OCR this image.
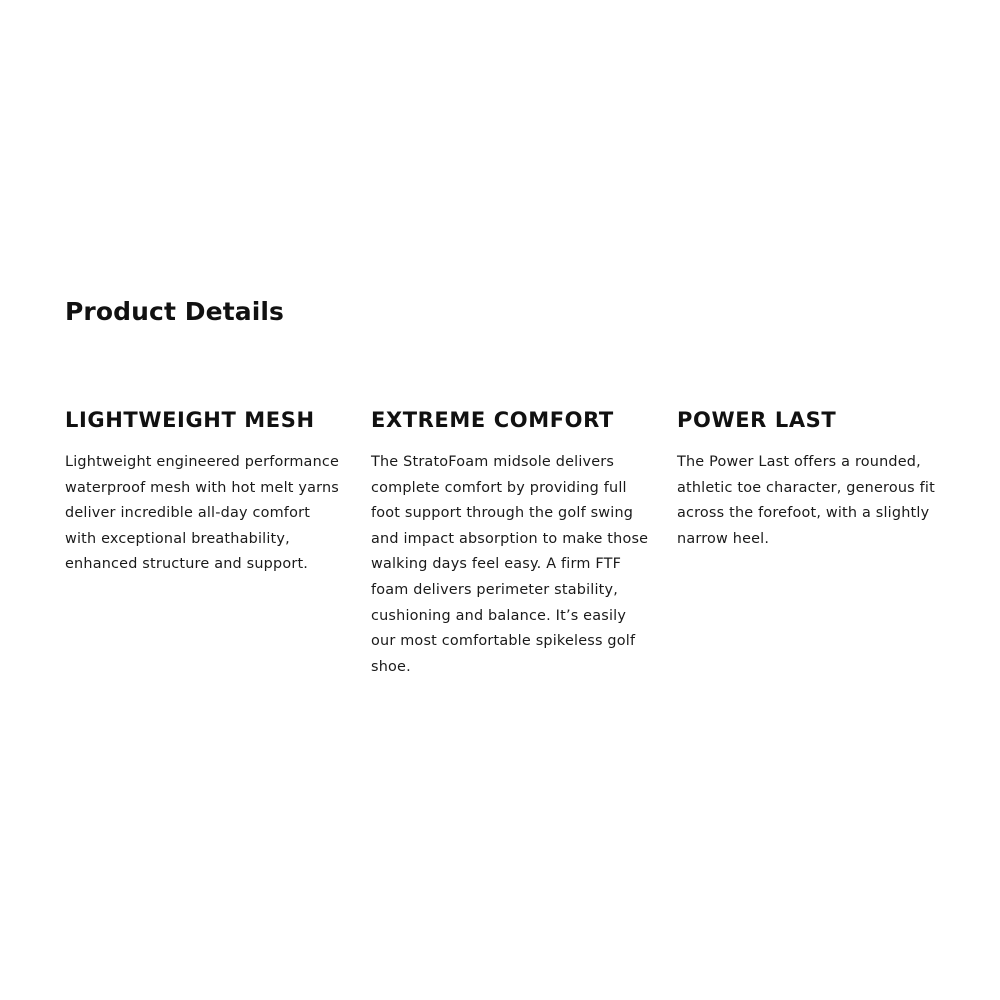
Product Details
LIGHTWEIGHT MESH

Lightweight engineered performance waterproof mesh with hot melt yarns deliver incredible all-day comfort with exceptional breathability, enhanced structure and support.

EXTREME COMFORT

The StratoFoam midsole delivers complete comfort by providing full foot support through the golf swing and impact absorption to make those walking days feel easy. A firm FTF foam delivers perimeter stability, cushioning and balance. It’s easily our most comfortable spikeless golf shoe.

POWER LAST

The Power Last offers a rounded, athletic toe character, generous fit across the forefoot, with a slightly narrow heel.
